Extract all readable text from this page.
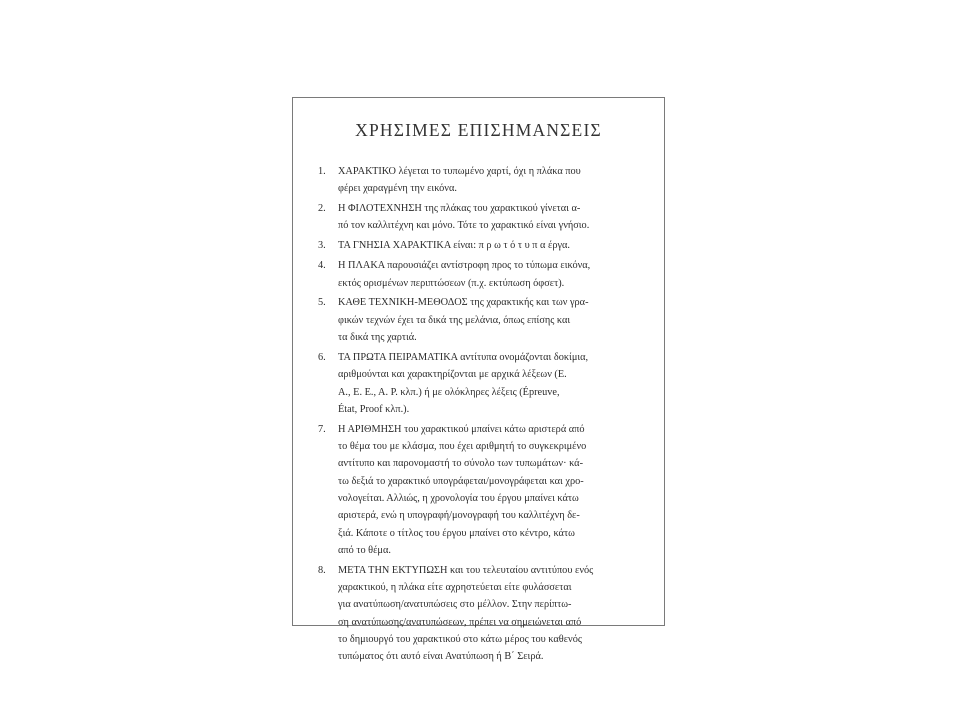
ΧΡΗΣΙΜΕΣ ΕΠΙΣΗΜΑΝΣΕΙΣ
1.	ΧΑΡΑΚΤΙΚΟ λέγεται το τυπωμένο χαρτί, όχι η πλάκα που
φέρει χαραγμένη την εικόνα.
2.	Η ΦΙΛΟΤΕΧΝΗΣΗ της πλάκας του χαρακτικού γίνεται α-
πό τον καλλιτέχνη και μόνο. Τότε το χαρακτικό είναι γνήσιο.
3.	ΤΑ ΓΝΗΣΙΑ ΧΑΡΑΚΤΙΚΑ είναι: π ρ ω τ ό τ υ π α έργα.
4.	Η ΠΛΑΚΑ παρουσιάζει αντίστροφη προς το τύπωμα εικόνα,
εκτός ορισμένων περιπτώσεων (π.χ. εκτύπωση όφσετ).
5.	ΚΑΘΕ ΤΕΧΝΙΚΗ-ΜΕΘΟΔΟΣ της χαρακτικής και των γρα-
φικών τεχνών έχει τα δικά της μελάνια, όπως επίσης και
τα δικά της χαρτιά.
6.	ΤΑ ΠΡΩΤΑ ΠΕΙΡΑΜΑΤΙΚΑ αντίτυπα ονομάζονται δοκίμια,
αριθμούνται και χαρακτηρίζονται με αρχικά λέξεων (Ε.
Α., Ε. Ε., Α. Ρ. κλπ.) ή με ολόκληρες λέξεις (Épreuve,
État, Proof κλπ.).
7.	Η ΑΡΙΘΜΗΣΗ του χαρακτικού μπαίνει κάτω αριστερά από
το θέμα του με κλάσμα, που έχει αριθμητή το συγκεκριμένο
αντίτυπο και παρονομαστή το σύνολο των τυπωμάτων· κά-
τω δεξιά το χαρακτικό υπογράφεται/μονογράφεται και χρο-
νολογείται. Αλλιώς, η χρονολογία του έργου μπαίνει κάτω
αριστερά, ενώ η υπογραφή/μονογραφή του καλλιτέχνη δε-
ξιά. Κάποτε ο τίτλος του έργου μπαίνει στο κέντρο, κάτω
από το θέμα.
8.	ΜΕΤΑ ΤΗΝ ΕΚΤΥΠΩΣΗ και του τελευταίου αντιτύπου ενός
χαρακτικού, η πλάκα είτε αχρηστεύεται είτε φυλάσσεται
για ανατύπωση/ανατυπώσεις στο μέλλον. Στην περίπτω-
ση ανατύπωσης/ανατυπώσεων, πρέπει να σημειώνεται από
το δημιουργό του χαρακτικού στο κάτω μέρος του καθενός
τυπώματος ότι αυτό είναι Ανατύπωση ή Β΄ Σειρά.
